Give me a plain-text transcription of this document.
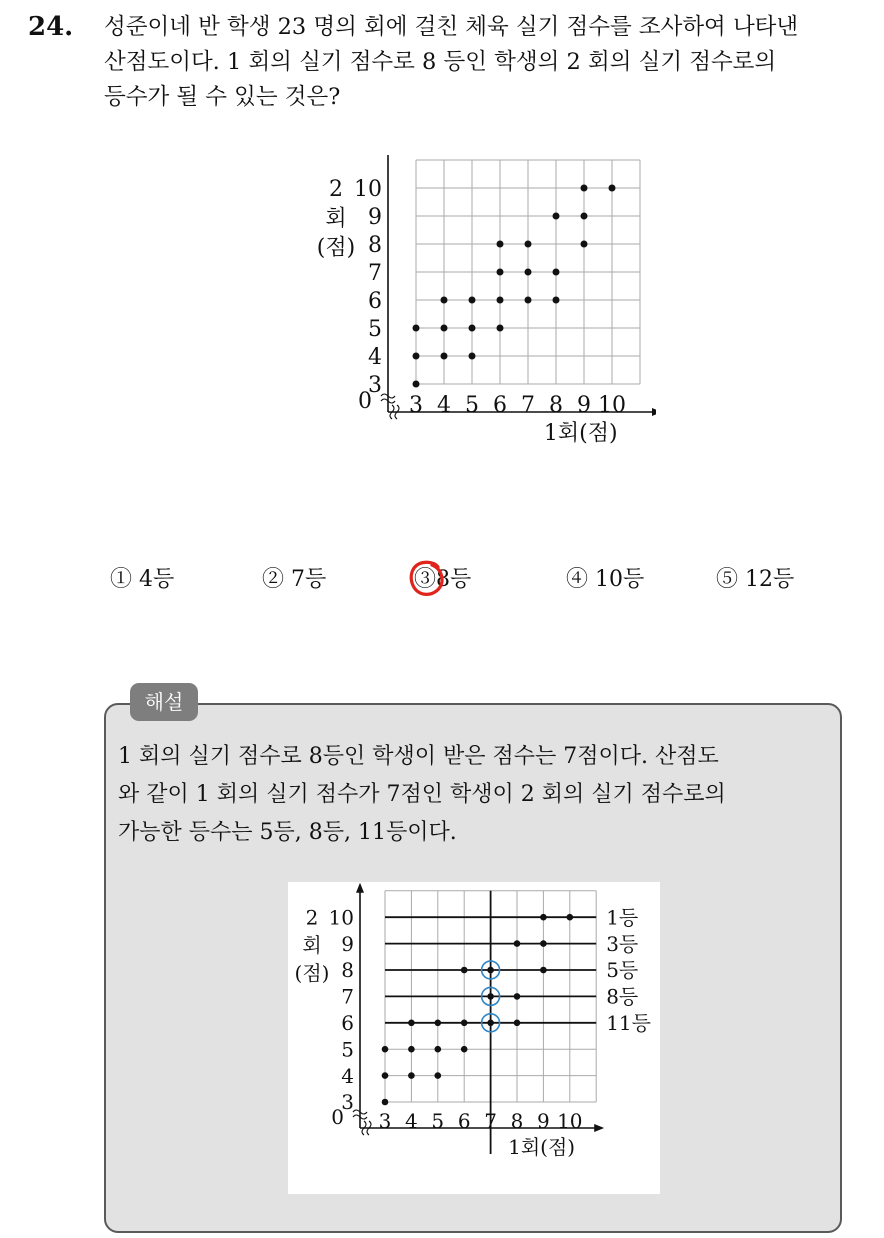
24. 성준이네 반 학생 23 명의 회에 걸친 체육 실기 점수를 조사하여 나타낸
산점도이다. 1 회의 실기 점수로 8 등인 학생의 2 회의 실기 점수로의
등수가 될 수 있는 것은?
3 4 5 6 7 8 9 10
3
4
5
6
7
8
9
10
0
1회(점)
2
회
(점)
① 4등	② 7등	③8등	④ 10등	⑤ 12등
해설
1 회의 실기 점수로 8등인 학생이 받은 점수는 7점이다. 산점도
와 같이 1 회의 실기 점수가 7점인 학생이 2 회의 실기 점수로의
가능한 등수는 5등, 8등, 11등이다.
3 4 5 6 7 8 9 10
3
4
5
6
7
8
9
10
0
1회(점)
2
회
(점)
1등
3등
5등
8등
11등
